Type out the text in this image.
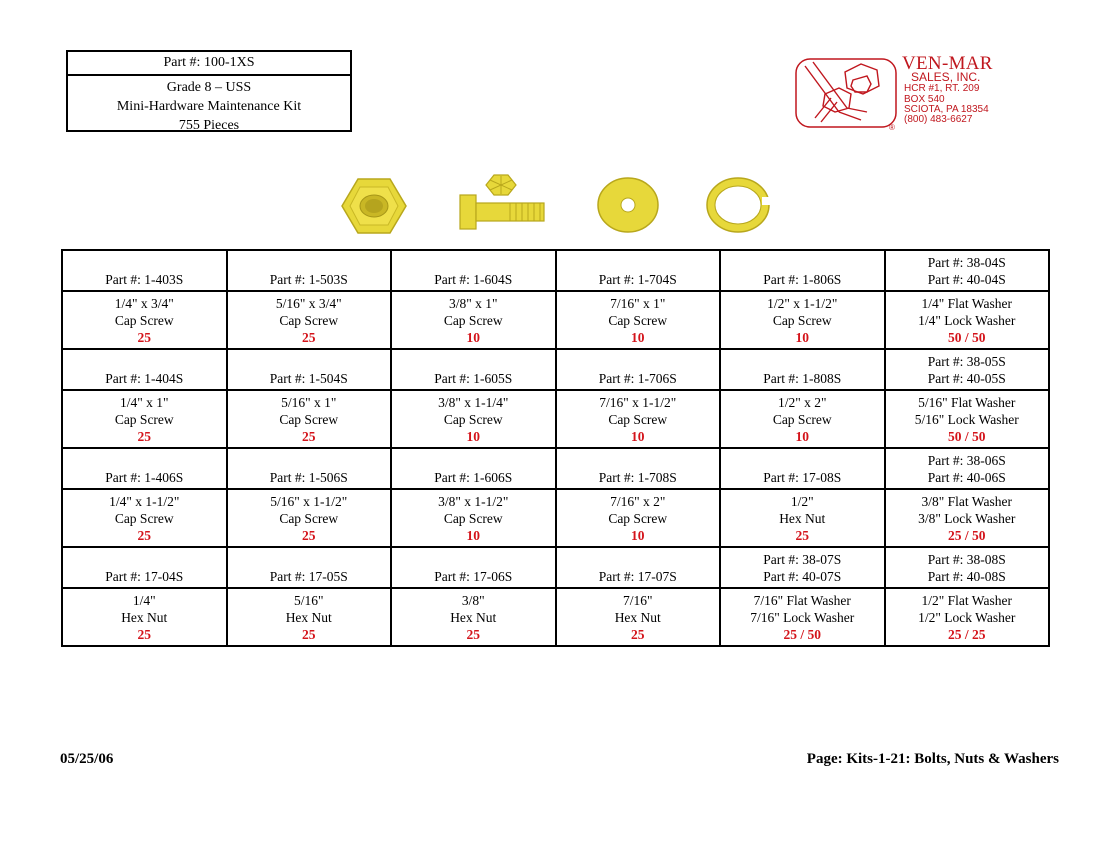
Part #: 100-1XS
Grade 8 – USS
Mini-Hardware Maintenance Kit
755 Pieces	®
VEN-MAR
SALES, INC.
HCR #1, RT. 209
BOX 540
SCIOTA, PA 18354
(800) 483-6627
Part #: 1-403S	Part #: 1-503S	Part #: 1-604S	Part #: 1-704S	Part #: 1-806S	Part #: 38-04S
Part #: 40-04S

1/4" x 3/4"
Cap Screw
25	5/16" x 3/4"
Cap Screw
25	3/8" x 1"
Cap Screw
10	7/16" x 1"
Cap Screw
10	1/2" x 1-1/2"
Cap Screw
10	1/4" Flat Washer
1/4" Lock Washer
50 / 50

Part #: 1-404S	Part #: 1-504S	Part #: 1-605S	Part #: 1-706S	Part #: 1-808S	Part #: 38-05S
Part #: 40-05S

1/4" x 1"
Cap Screw
25	5/16" x 1"
Cap Screw
25	3/8" x 1-1/4"
Cap Screw
10	7/16" x 1-1/2"
Cap Screw
10	1/2" x 2"
Cap Screw
10	5/16" Flat Washer
5/16" Lock Washer
50 / 50

Part #: 1-406S	Part #: 1-506S	Part #: 1-606S	Part #: 1-708S	Part #: 17-08S	Part #: 38-06S
Part #: 40-06S

1/4" x 1-1/2"
Cap Screw
25	5/16" x 1-1/2"
Cap Screw
25	3/8" x 1-1/2"
Cap Screw
10	7/16" x 2"
Cap Screw
10	1/2"
Hex Nut
25	3/8" Flat Washer
3/8" Lock Washer
25 / 50

Part #: 17-04S	Part #: 17-05S	Part #: 17-06S	Part #: 17-07S	Part #: 38-07S
Part #: 40-07S	Part #: 38-08S
Part #: 40-08S

1/4"
Hex Nut
25	5/16"
Hex Nut
25	3/8"
Hex Nut
25	7/16"
Hex Nut
25	7/16" Flat Washer
7/16" Lock Washer
25 / 50	1/2" Flat Washer
1/2" Lock Washer
25 / 25
05/25/06	Page: Kits-1-21: Bolts, Nuts & Washers
